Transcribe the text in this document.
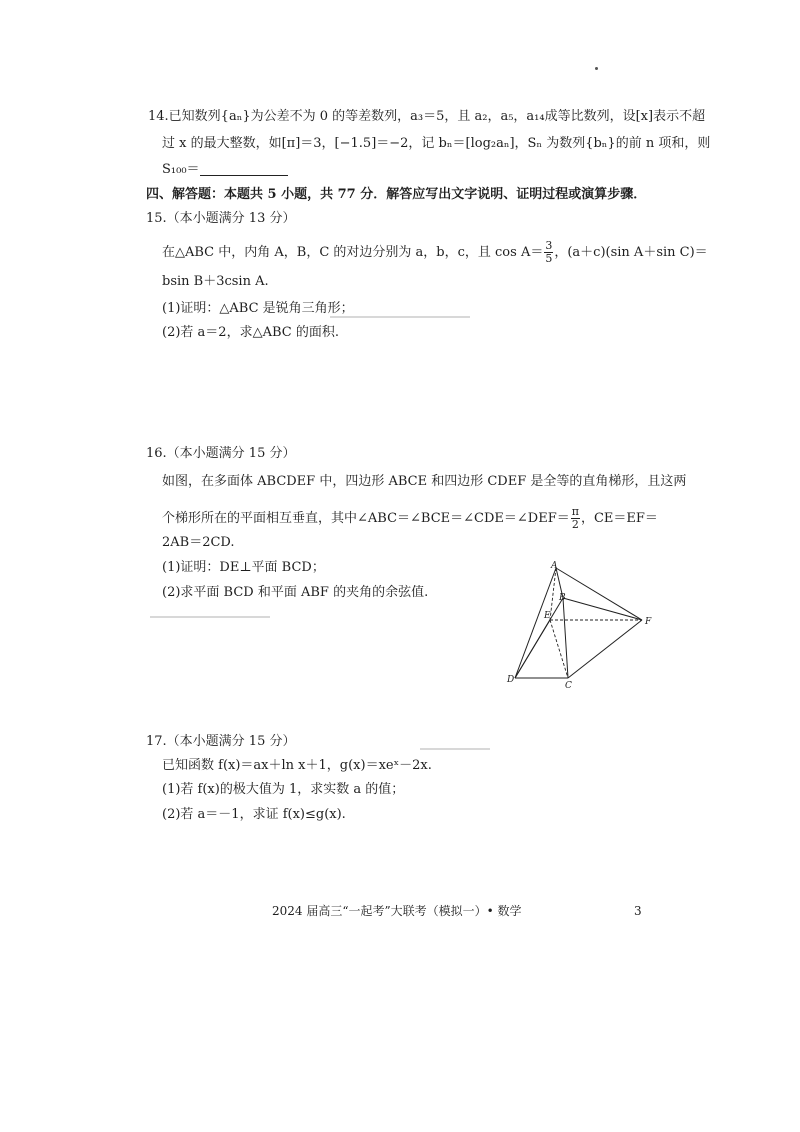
14.已知数列{aₙ}为公差不为 0 的等差数列，a₃＝5，且 a₂，a₅，a₁₄成等比数列，设[x]表示不超
过 x 的最大整数，如[π]＝3，[−1.5]＝−2，记 bₙ＝[log₂aₙ]，Sₙ 为数列{bₙ}的前 n 项和，则
S₁₀₀＝
四、解答题：本题共 5 小题，共 77 分．解答应写出文字说明、证明过程或演算步骤．
15.（本小题满分 13 分）
在△ABC 中，内角 A，B，C 的对边分别为 a，b，c，且 $\cos A= \frac{3}{5}$ ，(a＋c)(sin A＋sin C)＝
bsin B＋3csin A.
(1)证明：△ABC 是锐角三角形；
(2)若 a＝2，求△ABC 的面积.
16.（本小题满分 15 分）
如图，在多面体 ABCDEF 中，四边形 ABCE 和四边形 CDEF 是全等的直角梯形，且这两
个梯形所在的平面相互垂直，其中∠ABC＝∠BCE＝∠CDE＝∠DEF＝ $\frac{\pi}{2}$ ，CE＝EF＝
2AB＝2CD.
(1)证明：DE⊥平面 BCD；
(2)求平面 BCD 和平面 ABF 的夹角的余弦值.
A
B
E
F
D
C
17.（本小题满分 15 分）
已知函数 f(x)＝ax＋ln x＋1，g(x)＝xeˣ－2x.
(1)若 f(x)的极大值为 1，求实数 a 的值；
(2)若 a＝－1，求证 f(x)≤g(x).
2024 届高三“一起考”大联考（模拟一）• 数学	3
